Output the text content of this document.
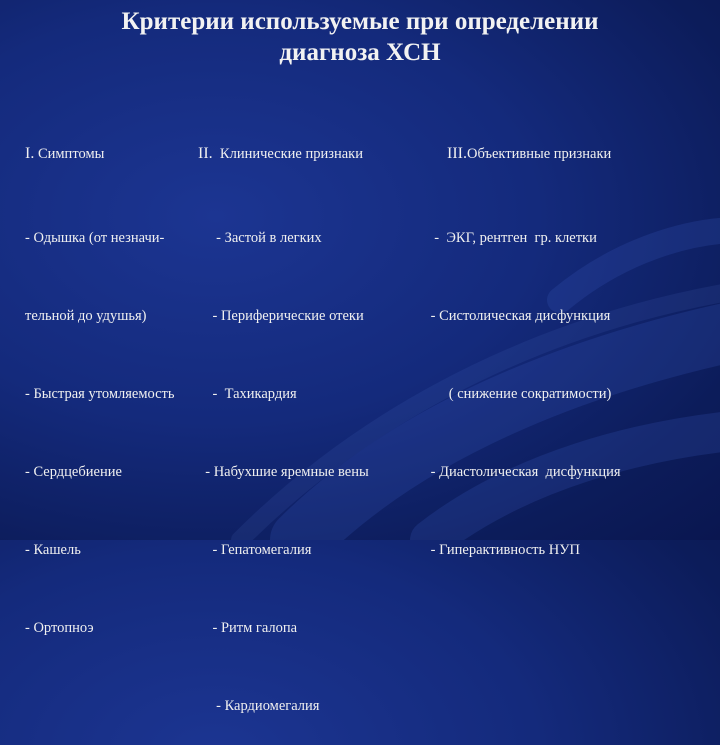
Критерии используемые при определении
диагноза ХСН

I. Симптомы

- Одышка (от незначи-

тельной до удушья)

- Быстрая утомляемость

- Сердцебиение

- Кашель

- Ортопноэ

II.  Клинические признаки

- Застой в легких

- Периферические отеки

-  Тахикардия

- Набухшие яремные вены

- Гепатомегалия

- Ритм галопа

- Кардиомегалия

III.Объективные признаки

-  ЭКГ, рентген  гр. клетки

- Систолическая дисфункция

( снижение сократимости)

- Диастолическая  дисфункция

- Гиперактивность НУП
